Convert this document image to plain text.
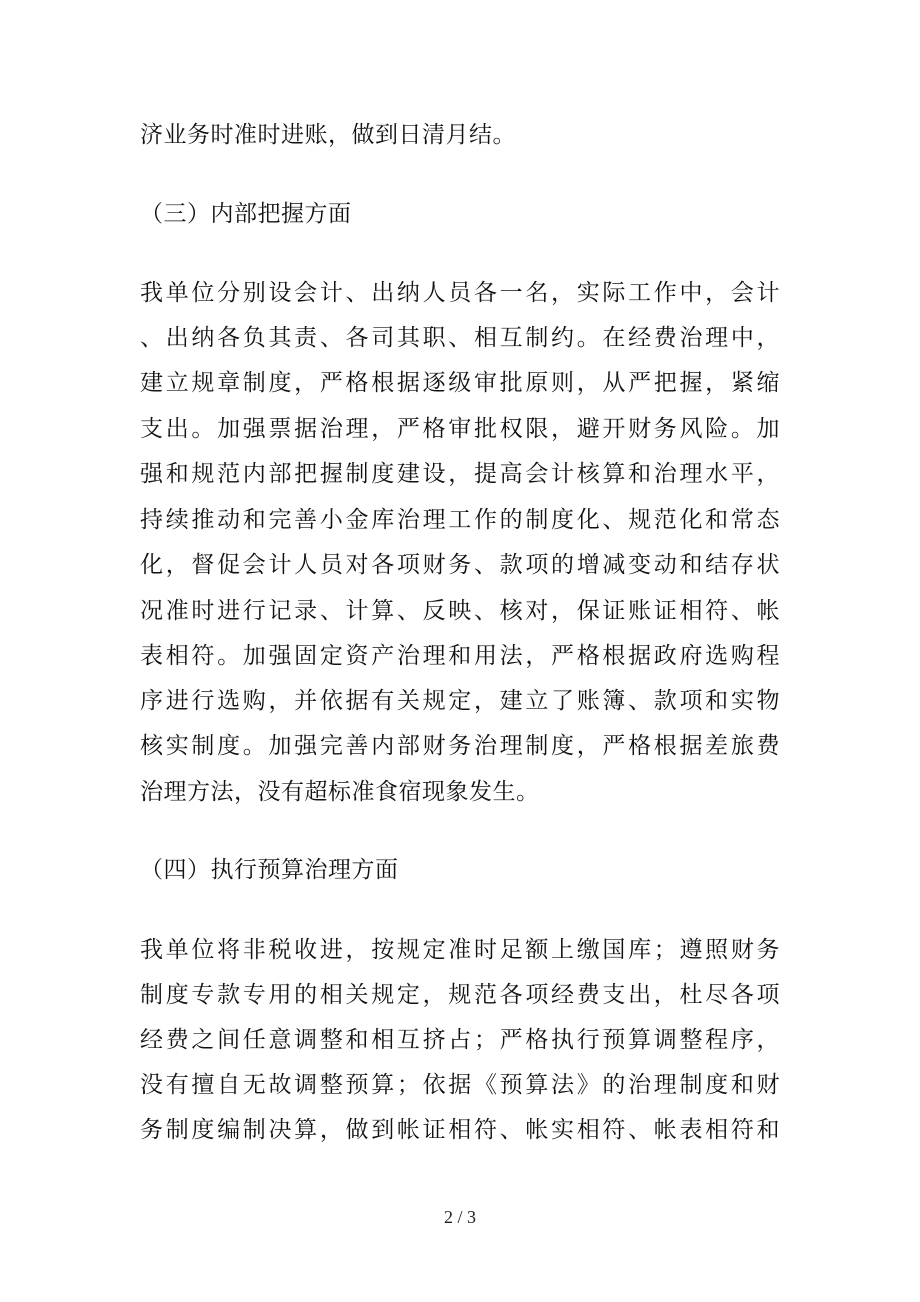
济业务时准时进账，做到日清月结。
（三）内部把握方面
我单位分别设会计、出纳人员各一名，实际工作中，会计
、出纳各负其责、各司其职、相互制约。在经费治理中，
建立规章制度，严格根据逐级审批原则，从严把握，紧缩
支出。加强票据治理，严格审批权限，避开财务风险。加
强和规范内部把握制度建设，提高会计核算和治理水平，
持续推动和完善小金库治理工作的制度化、规范化和常态
化，督促会计人员对各项财务、款项的增减变动和结存状
况准时进行记录、计算、反映、核对，保证账证相符、帐
表相符。加强固定资产治理和用法，严格根据政府选购程
序进行选购，并依据有关规定，建立了账簿、款项和实物
核实制度。加强完善内部财务治理制度，严格根据差旅费
治理方法，没有超标准食宿现象发生。
（四）执行预算治理方面
我单位将非税收进，按规定准时足额上缴国库；遵照财务
制度专款专用的相关规定，规范各项经费支出，杜尽各项
经费之间任意调整和相互挤占；严格执行预算调整程序，
没有擅自无故调整预算；依据《预算法》的治理制度和财
务制度编制决算，做到帐证相符、帐实相符、帐表相符和
2 / 3
